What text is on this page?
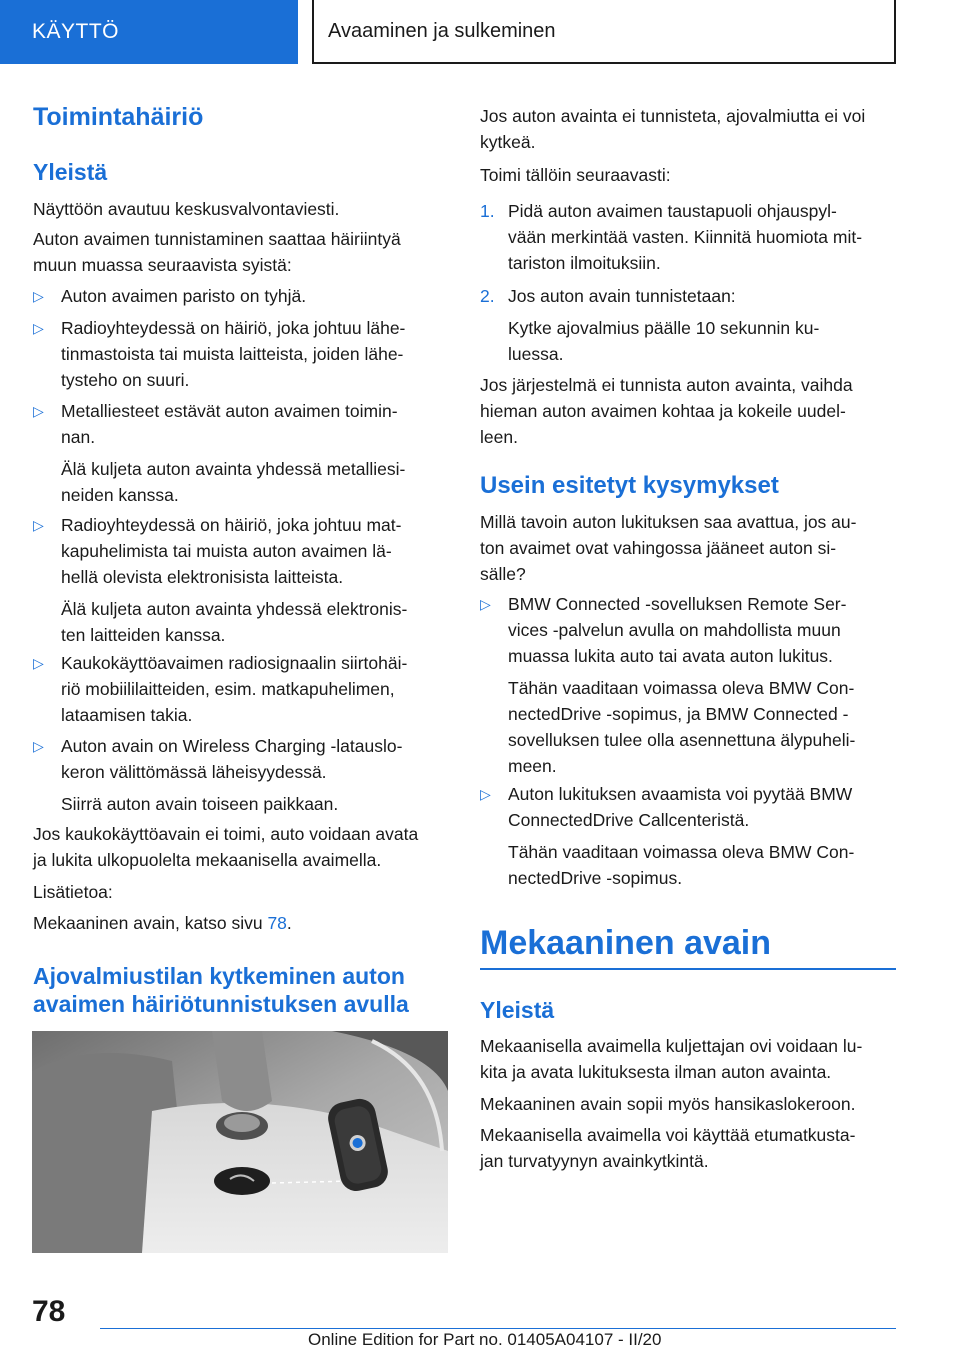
KÄYTTÖ	Avaaminen ja sulkeminen
Toimintahäiriö
Yleistä
Näyttöön avautuu keskusvalvontaviesti.
Auton avaimen tunnistaminen saattaa häiriintyä
muun muassa seuraavista syistä:
▷ Auton avaimen paristo on tyhjä.
▷ Radioyhteydessä on häiriö, joka johtuu lähe-
tinmastoista tai muista laitteista, joiden lähe-
tysteho on suuri.
▷ Metalliesteet estävät auton avaimen toimin-
nan.
Älä kuljeta auton avainta yhdessä metalliesi-
neiden kanssa.
▷ Radioyhteydessä on häiriö, joka johtuu mat-
kapuhelimista tai muista auton avaimen lä-
hellä olevista elektronisista laitteista.
Älä kuljeta auton avainta yhdessä elektronis-
ten laitteiden kanssa.
▷ Kaukokäyttöavaimen radiosignaalin siirtohäi-
riö mobiililaitteiden, esim. matkapuhelimen,
lataamisen takia.
▷ Auton avain on Wireless Charging -latauslo-
keron välittömässä läheisyydessä.
Siirrä auton avain toiseen paikkaan.
Jos kaukokäyttöavain ei toimi, auto voidaan avata
ja lukita ulkopuolelta mekaanisella avaimella.
Lisätietoa:
Mekaaninen avain, katso sivu 78.
Ajovalmiustilan kytkeminen auton
avaimen häiriötunnistuksen avulla
Jos auton avainta ei tunnisteta, ajovalmiutta ei voi
kytkeä.
Toimi tällöin seuraavasti:
1. Pidä auton avaimen taustapuoli ohjauspyl-
vään merkintää vasten. Kiinnitä huomiota mit-
tariston ilmoituksiin.
2. Jos auton avain tunnistetaan:
Kytke ajovalmius päälle 10 sekunnin ku-
luessa.
Jos järjestelmä ei tunnista auton avainta, vaihda
hieman auton avaimen kohtaa ja kokeile uudel-
leen.
Usein esitetyt kysymykset
Millä tavoin auton lukituksen saa avattua, jos au-
ton avaimet ovat vahingossa jääneet auton si-
sälle?
▷ BMW Connected -sovelluksen Remote Ser-
vices -palvelun avulla on mahdollista muun
muassa lukita auto tai avata auton lukitus.
Tähän vaaditaan voimassa oleva BMW Con-
nectedDrive -sopimus, ja BMW Connected -
sovelluksen tulee olla asennettuna älypuheli-
meen.
▷ Auton lukituksen avaamista voi pyytää BMW
ConnectedDrive Callcenteristä.
Tähän vaaditaan voimassa oleva BMW Con-
nectedDrive -sopimus.
Mekaaninen avain
Yleistä
Mekaanisella avaimella kuljettajan ovi voidaan lu-
kita ja avata lukituksesta ilman auton avainta.
Mekaaninen avain sopii myös hansikaslokeroon.
Mekaanisella avaimella voi käyttää etumatkusta-
jan turvatyynyn avainkytkintä.
78
Online Edition for Part no. 01405A04107 - II/20
